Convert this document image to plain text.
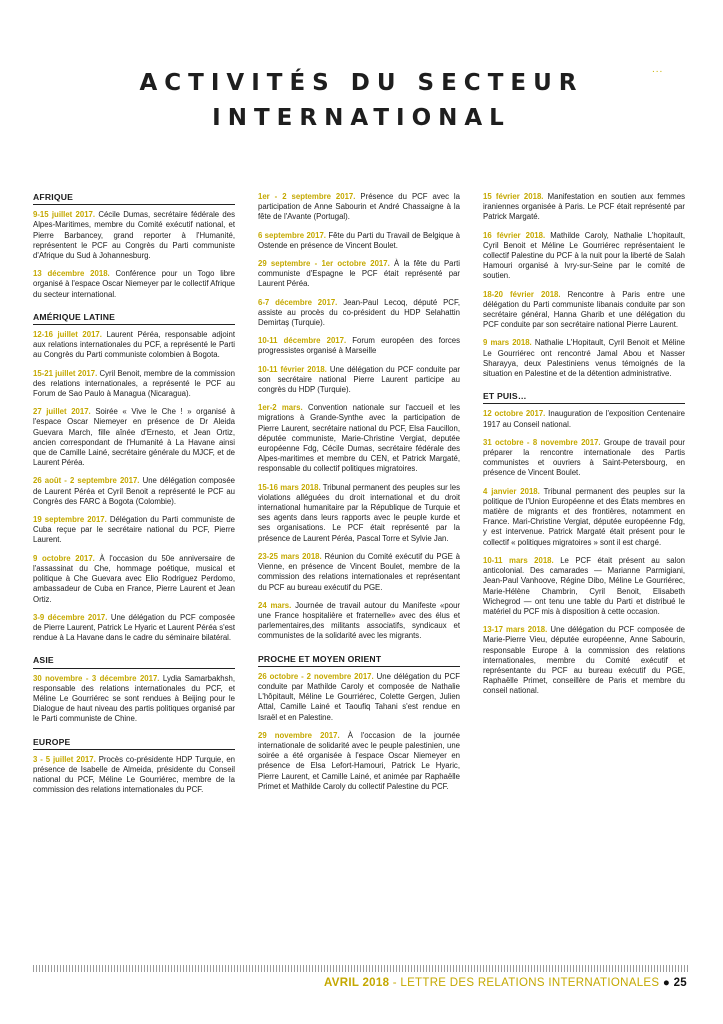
...
ACTIVITÉS DU SECTEUR
INTERNATIONAL
AFRIQUE

9-15 juillet 2017. Cécile Dumas, secrétaire fédérale des Alpes-Maritimes, membre du Comité exécutif national, et Pierre Barbancey, grand reporter à l'Humanité, représentent le PCF au Congrès du Parti communiste d'Afrique du Sud à Johannesburg.

13 décembre 2018. Conférence pour un Togo libre organisé à l'espace Oscar Niemeyer par le collectif Afrique du secteur international.

AMÉRIQUE LATINE

12-16 juillet 2017. Laurent Péréa, responsable adjoint aux relations internationales du PCF, a représenté le Parti au Congrès du Parti communiste colombien à Bogota.

15-21 juillet 2017. Cyril Benoit, membre de la commission des relations internationales, a représenté le PCF au Forum de Sao Paulo à Managua (Nicaragua).

27 juillet 2017. Soirée « Vive le Che ! » organisé à l'espace Oscar Niemeyer en présence de Dr Aleida Guevara March, fille aînée d'Ernesto, et Jean Ortiz, ancien correspondant de l'Humanité à La Havane ainsi que de Camille Lainé, secrétaire générale du MJCF, et de Laurent Péréa.

26 août - 2 septembre 2017. Une délégation composée de Laurent Péréa et Cyril Benoit a représenté le PCF au Congrès des FARC à Bogota (Colombie).

19 septembre 2017. Délégation du Parti communiste de Cuba reçue par le secrétaire national du PCF, Pierre Laurent.

9 octobre 2017. À l'occasion du 50e anniversaire de l'assassinat du Che, hommage poétique, musical et politique à Che Guevara avec Elio Rodriguez Perdomo, ambassadeur de Cuba en France, Pierre Laurent et Jean Ortiz.

3-9 décembre 2017. Une délégation du PCF composée de Pierre Laurent, Patrick Le Hyaric et Laurent Péréa s'est rendue à La Havane dans le cadre du séminaire bilatéral.

ASIE

30 novembre - 3 décembre 2017. Lydia Samarbakhsh, responsable des relations internationales du PCF, et Méline Le Gourriérec se sont rendues à Beijing pour le Dialogue de haut niveau des partis politiques organisé par le Parti communiste de Chine.

EUROPE

3 - 5 juillet 2017. Procès co-présidente HDP Turquie, en présence de Isabelle de Almeida, présidente du Conseil national du PCF, Méline Le Gourriérec, membre de la commission des relations internationales du PCF.

1er - 2 septembre 2017. Présence du PCF avec la participation de Anne Sabourin et André Chassaigne à la fête de l'Avante (Portugal).

6 septembre 2017. Fête du Parti du Travail de Belgique à Ostende en présence de Vincent Boulet.

29 septembre - 1er octobre 2017. À la fête du Parti communiste d'Espagne le PCF était représenté par Laurent Péréa.

6-7 décembre 2017. Jean-Paul Lecoq, député PCF, assiste au procès du co-président du HDP Selahattin Demirtaş (Turquie).

10-11 décembre 2017. Forum européen des forces progressistes organisé à Marseille

10-11 février 2018. Une délégation du PCF conduite par son secrétaire national Pierre Laurent participe au congrès du HDP (Turquie).

1er-2 mars. Convention nationale sur l'accueil et les migrations à Grande-Synthe avec la participation de Pierre Laurent, secrétaire national du PCF, Elsa Faucillon, députée communiste, Marie-Christine Vergiat, deputée européenne Fdg, Cécile Dumas, secrétaire fédérale des Alpes-maritimes et membre du CEN, et Patrick Margaté, responsable du collectif politiques migratoires.

15-16 mars 2018. Tribunal permanent des peuples sur les violations alléguées du droit international et du droit international humanitaire par la République de Turquie et ses agents dans leurs rapports avec le peuple kurde et ses organisations. Le PCF était représenté par la présence de Laurent Péréa, Pascal Torre et Sylvie Jan.

23-25 mars 2018. Réunion du Comité exécutif du PGE à Vienne, en présence de Vincent Boulet, membre de la commission des relations internationales et représentant du PCF au bureau exécutif du PGE.

24 mars. Journée de travail autour du Manifeste «pour une France hospitalière et fraternelle» avec des élus et parlementaires,des militants associatifs, syndicaux et communistes de la solidarité avec les migrants.

PROCHE ET MOYEN ORIENT

26 octobre - 2 novembre 2017. Une délégation du PCF conduite par Mathilde Caroly et composée de Nathalie L'hôpitault, Méline Le Gourriérec, Colette Gergen, Julien Attal, Camille Lainé et Taoufiq Tahani s'est rendue en Israël et en Palestine.

29 novembre 2017. À l'occasion de la journée internationale de solidarité avec le peuple palestinien, une soirée a été organisée à l'espace Oscar Niemeyer en présence de Elsa Lefort-Hamouri, Patrick Le Hyaric, Pierre Laurent, et Camille Lainé, et animée par Raphaëlle Primet et Mathilde Caroly du collectif Palestine du PCF.

15 février 2018. Manifestation en soutien aux femmes iraniennes organisée à Paris. Le PCF était représenté par Patrick Margaté.

16 février 2018. Mathilde Caroly, Nathalie L'hopitault, Cyril Benoit et Méline Le Gourriérec représentaient le collectif Palestine du PCF à la nuit pour la liberté de Salah Hamouri organisé à Ivry-sur-Seine par le comité de soutien.

18-20 février 2018. Rencontre à Paris entre une délégation du Parti communiste libanais conduite par son secrétaire général, Hanna Gharib et une délégation du PCF conduite par son secrétaire national Pierre Laurent.

9 mars 2018. Nathalie L'Hopitault, Cyril Benoit et Méline Le Gourriérec ont rencontré Jamal Abou et Nasser Sharayya, deux Palestiniens venus témoignés de la situation en Palestine et de la détention administrative.

ET PUIS…

12 octobre 2017. Inauguration de l'exposition Centenaire 1917 au Conseil national.

31 octobre - 8 novembre 2017. Groupe de travail pour préparer la rencontre internationale des Partis communistes et ouvriers à Saint-Petersbourg, en présence de Vincent Boulet.

4 janvier 2018. Tribunal permanent des peuples sur la politique de l'Union Européenne et des États membres en matière de migrants et des frontières, notamment en France. Mari-Christine Vergiat, députée européenne Fdg, y est intervenue. Patrick Margaté était présent pour le collectif « politiques migratoires » sont il est chargé.

10-11 mars 2018. Le PCF était présent au salon anticolonial. Des camarades — Marianne Parmigiani, Jean-Paul Vanhoove, Régine Dibo, Méline Le Gourriérec, Marie-Hélène Chambrin, Cyril Benoit, Elisabeth Wichegrod — ont tenu une table du Parti et distribué le matériel du PCF mis à disposition à cette occasion.

13-17 mars 2018. Une délégation du PCF composée de Marie-Pierre Vieu, députée européenne, Anne Sabourin, responsable Europe à la commission des relations internationales, membre du Comité exécutif et représentante du PCF au bureau exécutif du PGE, Raphaëlle Primet, conseillère de Paris et membre du conseil national.

AVRIL 2018 - LETTRE DES RELATIONS INTERNATIONALES ● 25
